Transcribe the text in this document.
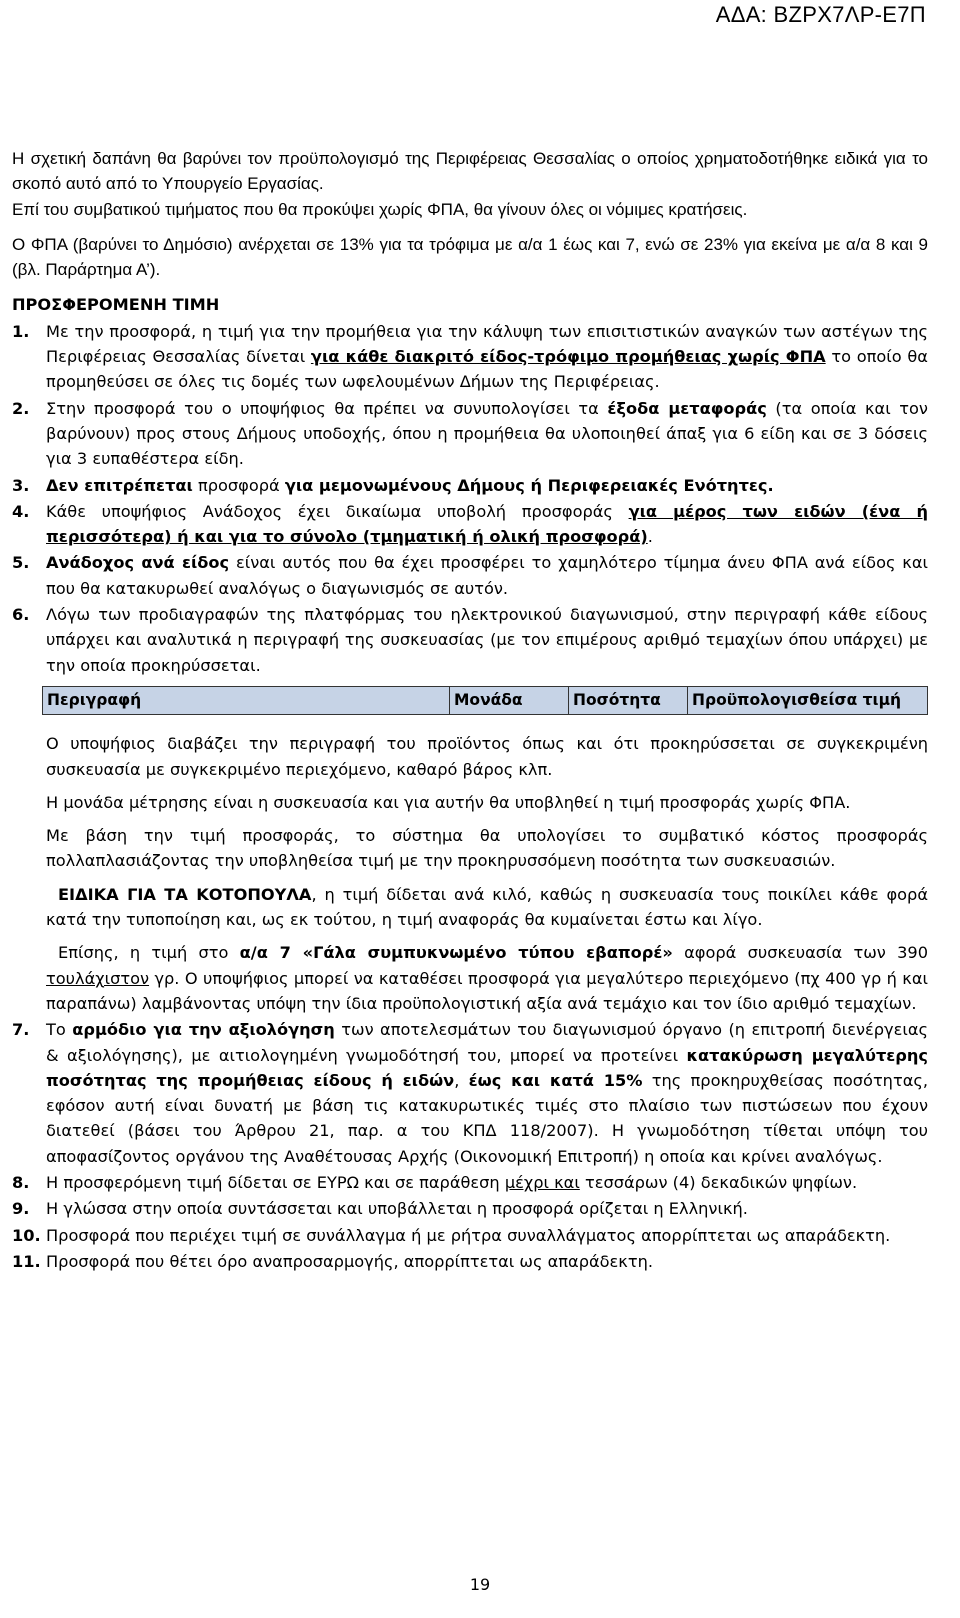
ΑΔΑ: ΒΖΡΧ7ΛΡ-Ε7Π

Η σχετική δαπάνη θα βαρύνει τον προϋπολογισμό της Περιφέρειας Θεσσαλίας ο οποίος χρηματοδοτήθηκε ειδικά για το σκοπό αυτό από το Υπουργείο Εργασίας.

Επί του συμβατικού τιμήματος που θα προκύψει χωρίς ΦΠΑ, θα γίνουν όλες οι νόμιμες κρατήσεις.

Ο ΦΠΑ (βαρύνει το Δημόσιο) ανέρχεται σε 13% για τα τρόφιμα με α/α 1 έως και 7, ενώ σε 23% για εκείνα με α/α 8 και 9 (βλ. Παράρτημα Α’).

ΠΡΟΣΦΕΡΟΜΕΝΗ ΤΙΜΗ

1.	Με την προσφορά, η τιμή για την προμήθεια για την κάλυψη των επισιτιστικών αναγκών των αστέγων της Περιφέρειας Θεσσαλίας δίνεται για κάθε διακριτό είδος-τρόφιμο προμήθειας χωρίς ΦΠΑ το οποίο θα προμηθεύσει σε όλες τις δομές των ωφελουμένων Δήμων της Περιφέρειας.
2.	Στην προσφορά του ο υποψήφιος θα πρέπει να συνυπολογίσει τα έξοδα μεταφοράς (τα οποία και τον βαρύνουν) προς στους Δήμους υποδοχής, όπου η προμήθεια θα υλοποιηθεί άπαξ για 6 είδη και σε 3 δόσεις για 3 ευπαθέστερα είδη.
3.	Δεν επιτρέπεται προσφορά για μεμονωμένους Δήμους ή Περιφερειακές Ενότητες.
4.	Κάθε υποψήφιος Ανάδοχος έχει δικαίωμα υποβολή προσφοράς για μέρος των ειδών (ένα ή περισσότερα) ή και για το σύνολο (τμηματική ή ολική προσφορά).
5.	Ανάδοχος ανά είδος είναι αυτός που θα έχει προσφέρει το χαμηλότερο τίμημα άνευ ΦΠΑ ανά είδος και που θα κατακυρωθεί αναλόγως ο διαγωνισμός σε αυτόν.
6.	Λόγω των προδιαγραφών της πλατφόρμας του ηλεκτρονικού διαγωνισμού, στην περιγραφή κάθε είδους υπάρχει και αναλυτικά η περιγραφή της συσκευασίας (με τον επιμέρους αριθμό τεμαχίων όπου υπάρχει) με την οποία προκηρύσσεται.

Περιγραφή	Μονάδα	Ποσότητα	Προϋπολογισθείσα τιμή

Ο υποψήφιος διαβάζει την περιγραφή του προϊόντος όπως και ότι προκηρύσσεται σε συγκεκριμένη συσκευασία με συγκεκριμένο περιεχόμενο, καθαρό βάρος κλπ.

Η μονάδα μέτρησης είναι η συσκευασία και για αυτήν θα υποβληθεί η τιμή προσφοράς χωρίς ΦΠΑ.

Με βάση την τιμή προσφοράς, το σύστημα θα υπολογίσει το συμβατικό κόστος προσφοράς πολλαπλασιάζοντας την υποβληθείσα τιμή με την προκηρυσσόμενη ποσότητα των συσκευασιών.

ΕΙΔΙΚΑ ΓΙΑ ΤΑ ΚΟΤΟΠΟΥΛΑ, η τιμή δίδεται ανά κιλό, καθώς η συσκευασία τους ποικίλει κάθε φορά κατά την τυποποίηση και, ως εκ τούτου, η τιμή αναφοράς θα κυμαίνεται έστω και λίγο.

Επίσης, η τιμή στο α/α 7 «Γάλα συμπυκνωμένο τύπου εβαπορέ» αφορά συσκευασία των 390 τουλάχιστον γρ. Ο υποψήφιος μπορεί να καταθέσει προσφορά για μεγαλύτερο περιεχόμενο (πχ 400 γρ ή και παραπάνω) λαμβάνοντας υπόψη την ίδια προϋπολογιστική αξία ανά τεμάχιο και τον ίδιο αριθμό τεμαχίων.

7.	Το αρμόδιο για την αξιολόγηση των αποτελεσμάτων του διαγωνισμού όργανο (η επιτροπή διενέργειας & αξιολόγησης), με αιτιολογημένη γνωμοδότησή του, μπορεί να προτείνει κατακύρωση μεγαλύτερης ποσότητας της προμήθειας είδους ή ειδών, έως και κατά 15% της προκηρυχθείσας ποσότητας, εφόσον αυτή είναι δυνατή με βάση τις κατακυρωτικές τιμές στο πλαίσιο των πιστώσεων που έχουν διατεθεί (βάσει του Άρθρου 21, παρ. α του ΚΠΔ 118/2007). Η γνωμοδότηση τίθεται υπόψη του αποφασίζοντος οργάνου της Αναθέτουσας Αρχής (Οικονομική Επιτροπή) η οποία και κρίνει αναλόγως.
8.	Η προσφερόμενη τιμή δίδεται σε ΕΥΡΩ και σε παράθεση μέχρι και τεσσάρων (4) δεκαδικών ψηφίων.
9.	Η γλώσσα στην οποία συντάσσεται και υποβάλλεται η προσφορά ορίζεται η Ελληνική.
10. Προσφορά που περιέχει τιμή σε συνάλλαγμα ή με ρήτρα συναλλάγματος απορρίπτεται ως απαράδεκτη.
11. Προσφορά που θέτει όρο αναπροσαρμογής, απορρίπτεται ως απαράδεκτη.
19
